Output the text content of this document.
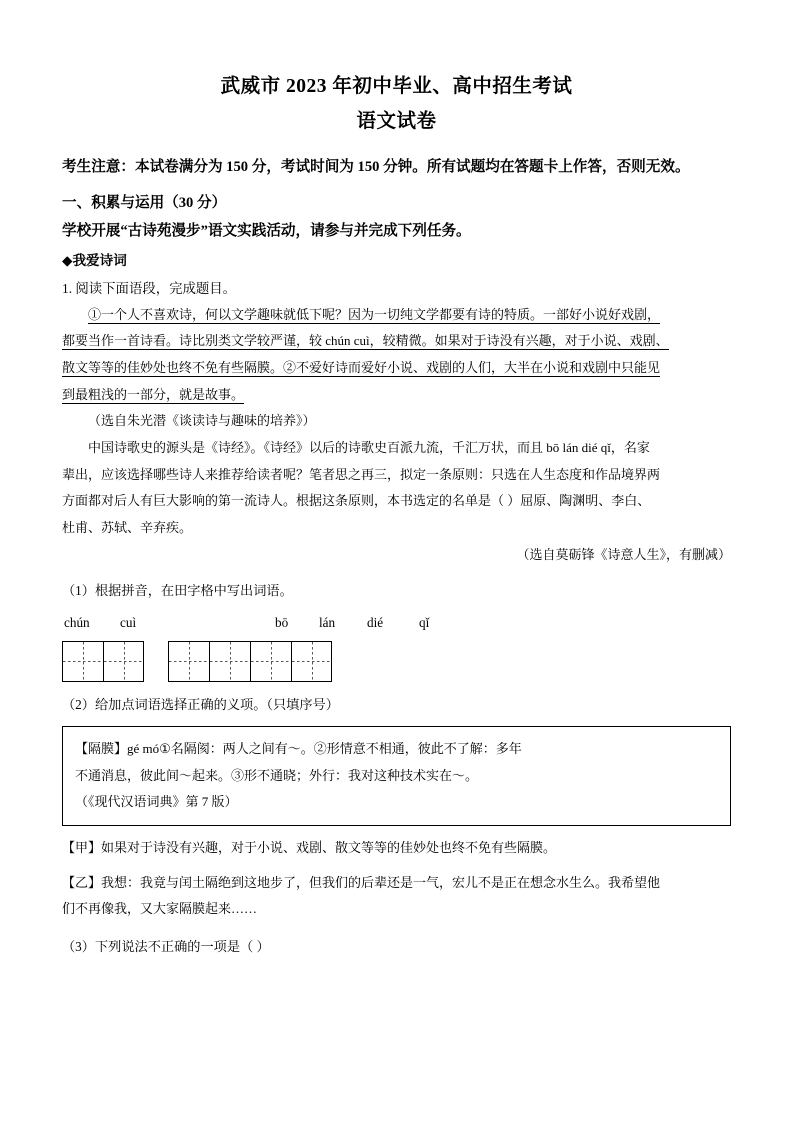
武威市 2023 年初中毕业、高中招生考试
语文试卷
考生注意：本试卷满分为 150 分，考试时间为 150 分钟。所有试题均在答题卡上作答，否则无效。
一、积累与运用（30 分）
学校开展“古诗苑漫步”语文实践活动，请参与并完成下列任务。
◆我爱诗词
1. 阅读下面语段，完成题目。

①一个人不喜欢诗，何以文学趣味就低下呢？因为一切纯文学都要有诗的特质。一部好小说好戏剧，

都要当作一首诗看。诗比别类文学较严谨，较 chún cuì，较精微。如果对于诗没有兴趣，对于小说、戏剧、

散文等等的佳妙处也终不免有些隔膜。②不爱好诗而爱好小说、戏剧的人们，大半在小说和戏剧中只能见

到最粗浅的一部分，就是故事。

（选自朱光潜《谈读诗与趣味的培养》）

中国诗歌史的源头是《诗经》。《诗经》以后的诗歌史百派九流，千汇万状，而且 bō lán dié qǐ，名家

辈出，应该选择哪些诗人来推荐给读者呢？笔者思之再三，拟定一条原则：只选在人生态度和作品境界两

方面都对后人有巨大影响的第一流诗人。根据这条原则，本书选定的名单是（ ）屈原、陶渊明、李白、

杜甫、苏轼、辛弃疾。

（选自莫砺锋《诗意人生》，有删减）

（1）根据拼音，在田字格中写出词语。
chún cuì	bō lán dié	qǐ
（2）给加点词语选择正确的义项。（只填序号）
【隔膜】gé mó①名隔阂：两人之间有～。②形情意不相通，彼此不了解：多年
不通消息，彼此间～起来。③形不通晓；外行：我对这种技术实在～。
（《现代汉语词典》第 7 版）
【甲】如果对于诗没有兴趣，对于小说、戏剧、散文等等的佳妙处也终不免有些隔膜。
【乙】我想：我竟与闰土隔绝到这地步了，但我们的后辈还是一气，宏儿不是正在想念水生么。我希望他
们不再像我，又大家隔膜起来……
（3）下列说法不正确的一项是（ ）
